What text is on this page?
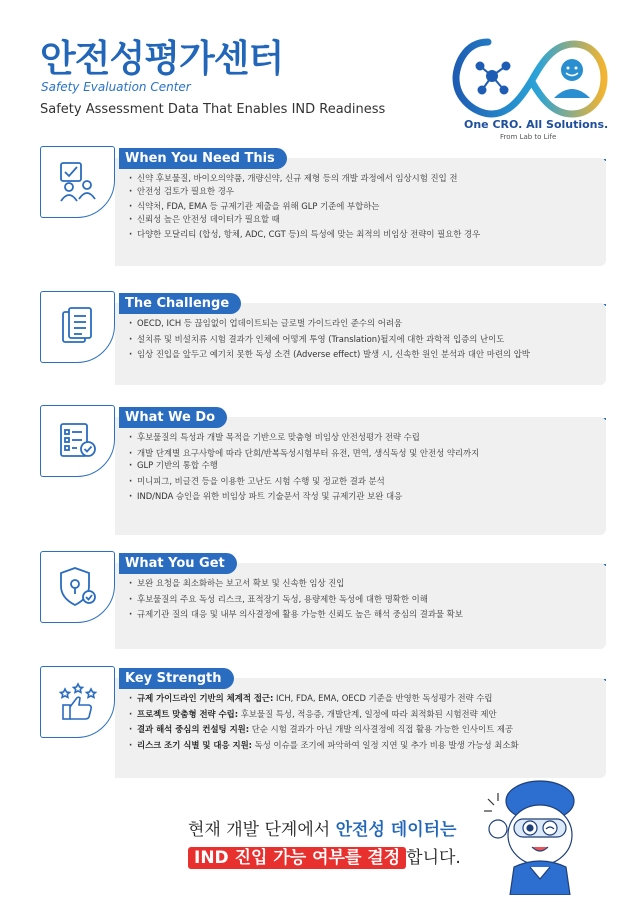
안전성평가센터
Safety Evaluation Center
Safety Assessment Data That Enables IND Readiness
One CRO. All Solutions.
From Lab to Life
· 신약 후보물질, 바이오의약품, 개량신약, 신규 제형 등의 개발 과정에서 임상시험 진입 전
· 안전성 검토가 필요한 경우
· 식약처, FDA, EMA 등 규제기관 제출을 위해 GLP 기준에 부합하는
· 신뢰성 높은 안전성 데이터가 필요할 때
· 다양한 모달리티 (합성, 항체, ADC, CGT 등)의 특성에 맞는 최적의 비임상 전략이 필요한 경우
When You Need This
· OECD, ICH 등 끊임없이 업데이트되는 글로벌 가이드라인 준수의 어려움
· 설치류 및 비설치류 시험 결과가 인체에 어떻게 투영 (Translation)될지에 대한 과학적 입증의 난이도
· 임상 진입을 앞두고 예기치 못한 독성 소견 (Adverse effect) 발생 시, 신속한 원인 분석과 대안 마련의 압박
The Challenge
· 후보물질의 특성과 개발 목적을 기반으로 맞춤형 비임상 안전성평가 전략 수립
· 개발 단계별 요구사항에 따라 단회/반복독성시험부터 유전, 면역, 생식독성 및 안전성 약리까지
· GLP 기반의 통합 수행
· 미니피그, 비글견 등을 이용한 고난도 시험 수행 및 정교한 결과 분석
· IND/NDA 승인을 위한 비임상 파트 기술문서 작성 및 규제기관 보완 대응
What We Do
· 보완 요청을 최소화하는 보고서 확보 및 신속한 임상 진입
· 후보물질의 주요 독성 리스크, 표적장기 독성, 용량제한 독성에 대한 명확한 이해
· 규제기관 질의 대응 및 내부 의사결정에 활용 가능한 신뢰도 높은 해석 중심의 결과물 확보
What You Get
· 규제 가이드라인 기반의 체계적 접근: ICH, FDA, EMA, OECD 기준을 반영한 독성평가 전략 수립
· 프로젝트 맞춤형 전략 수립: 후보물질 특성, 적응증, 개발단계, 일정에 따라 최적화된 시험전략 제안
· 결과 해석 중심의 컨설팅 지원: 단순 시험 결과가 아닌 개발 의사결정에 직접 활용 가능한 인사이트 제공
· 리스크 조기 식별 및 대응 지원: 독성 이슈를 조기에 파악하여 일정 지연 및 추가 비용 발생 가능성 최소화
Key Strength
현재 개발 단계에서 안전성 데이터는
IND 진입 가능 여부를 결정 합니다.
